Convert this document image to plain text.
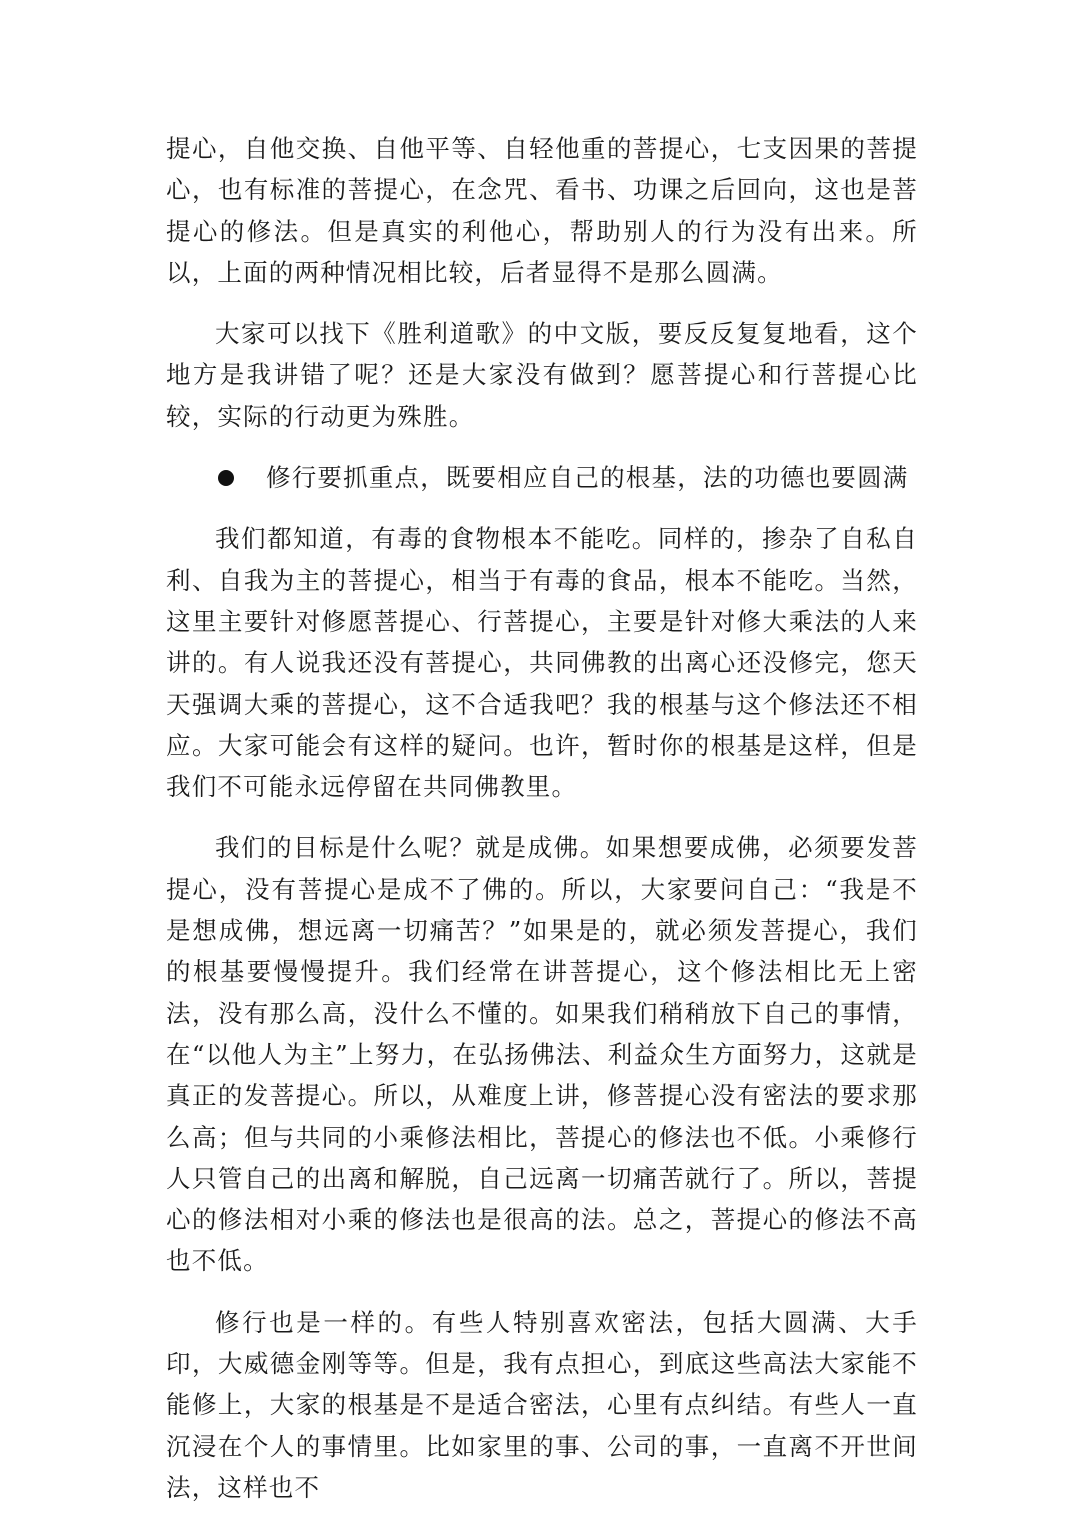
提心，自他交换、自他平等、自轻他重的菩提心，七支因果的菩提心，也有标准的菩提心，在念咒、看书、功课之后回向，这也是菩提心的修法。但是真实的利他心，帮助别人的行为没有出来。所以，上面的两种情况相比较，后者显得不是那么圆满。

大家可以找下《胜利道歌》的中文版，要反反复复地看，这个地方是我讲错了呢？还是大家没有做到？愿菩提心和行菩提心比较，实际的行动更为殊胜。

修行要抓重点，既要相应自己的根基，法的功德也要圆满

我们都知道，有毒的食物根本不能吃。同样的，掺杂了自私自利、自我为主的菩提心，相当于有毒的食品，根本不能吃。当然，这里主要针对修愿菩提心、行菩提心，主要是针对修大乘法的人来讲的。有人说我还没有菩提心，共同佛教的出离心还没修完，您天天强调大乘的菩提心，这不合适我吧？我的根基与这个修法还不相应。大家可能会有这样的疑问。也许，暂时你的根基是这样，但是我们不可能永远停留在共同佛教里。

我们的目标是什么呢？就是成佛。如果想要成佛，必须要发菩提心，没有菩提心是成不了佛的。所以，大家要问自己：“我是不是想成佛，想远离一切痛苦？”如果是的，就必须发菩提心，我们的根基要慢慢提升。我们经常在讲菩提心，这个修法相比无上密法，没有那么高，没什么不懂的。如果我们稍稍放下自己的事情，在“以他人为主”上努力，在弘扬佛法、利益众生方面努力，这就是真正的发菩提心。所以，从难度上讲，修菩提心没有密法的要求那么高；但与共同的小乘修法相比，菩提心的修法也不低。小乘修行人只管自己的出离和解脱，自己远离一切痛苦就行了。所以，菩提心的修法相对小乘的修法也是很高的法。总之，菩提心的修法不高也不低。

修行也是一样的。有些人特别喜欢密法，包括大圆满、大手印，大威德金刚等等。但是，我有点担心，到底这些高法大家能不能修上，大家的根基是不是适合密法，心里有点纠结。有些人一直沉浸在个人的事情里。比如家里的事、公司的事，一直离不开世间法，这样也不
